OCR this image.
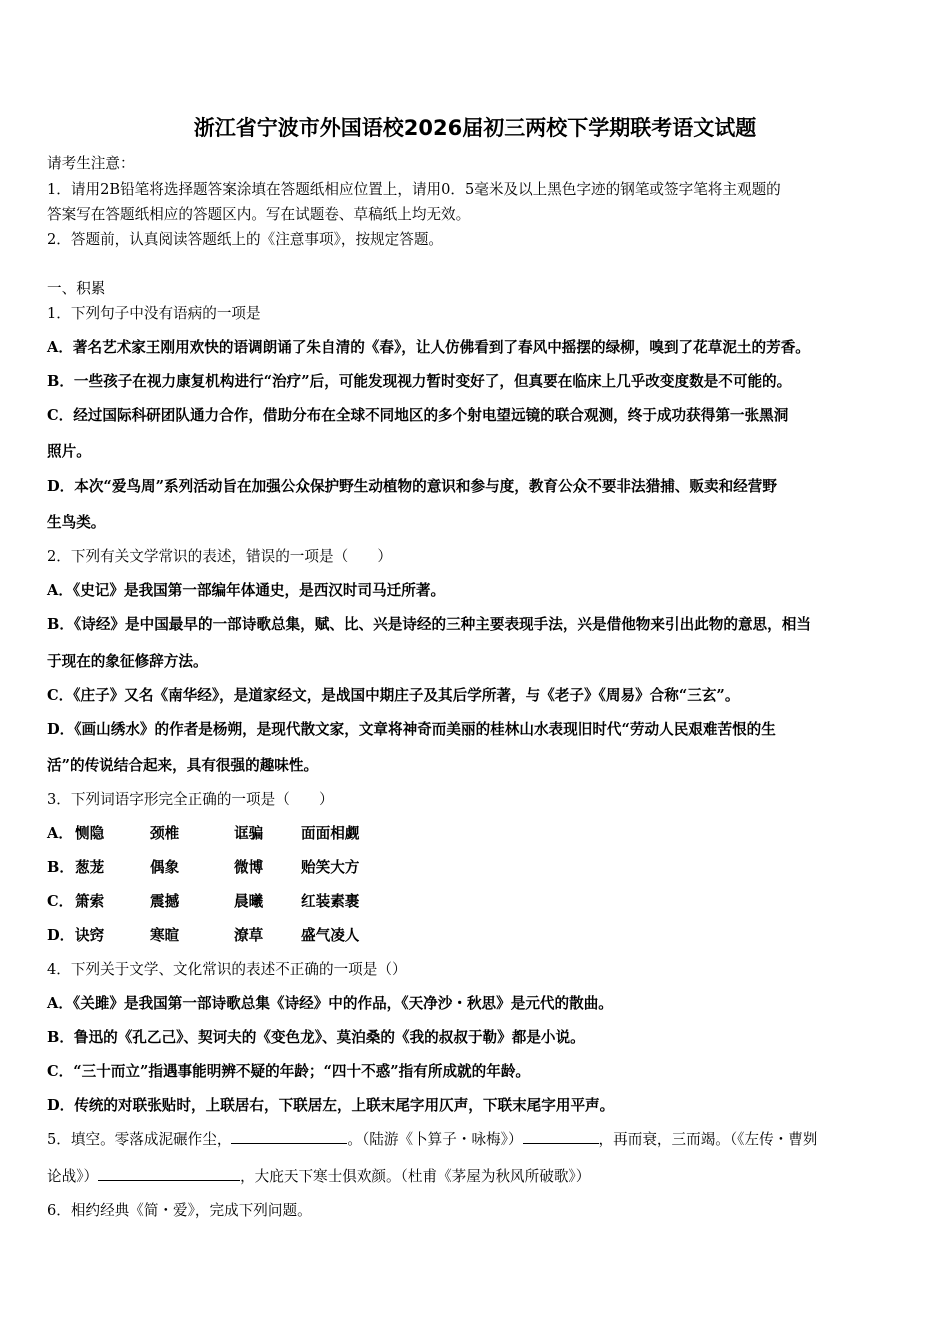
浙江省宁波市外国语校2026届初三两校下学期联考语文试题
请考生注意：
1．请用2B铅笔将选择题答案涂填在答题纸相应位置上，请用0．5毫米及以上黑色字迹的钢笔或签字笔将主观题的
答案写在答题纸相应的答题区内。写在试题卷、草稿纸上均无效。
2．答题前，认真阅读答题纸上的《注意事项》，按规定答题。
一、积累
1．下列句子中没有语病的一项是
A．著名艺术家王刚用欢快的语调朗诵了朱自清的《春》，让人仿佛看到了春风中摇摆的绿柳，嗅到了花草泥土的芳香。
B．一些孩子在视力康复机构进行“治疗”后，可能发现视力暂时变好了，但真要在临床上几乎改变度数是不可能的。
C．经过国际科研团队通力合作，借助分布在全球不同地区的多个射电望远镜的联合观测，终于成功获得第一张黑洞
照片。
D．本次“爱鸟周”系列活动旨在加强公众保护野生动植物的意识和参与度，教育公众不要非法猎捕、贩卖和经营野
生鸟类。
2．下列有关文学常识的表述，错误的一项是（　　）
A．《史记》是我国第一部编年体通史，是西汉时司马迁所著。
B．《诗经》是中国最早的一部诗歌总集，赋、比、兴是诗经的三种主要表现手法，兴是借他物来引出此物的意思，相当
于现在的象征修辞方法。
C．《庄子》又名《南华经》，是道家经文，是战国中期庄子及其后学所著，与《老子》《周易》合称“三玄”。
D．《画山绣水》的作者是杨朔，是现代散文家，文章将神奇而美丽的桂林山水表现旧时代“劳动人民艰难苦恨的生
活”的传说结合起来，具有很强的趣味性。
3．下列词语字形完全正确的一项是（　　）
A． 恻隐	颈椎	诓骗	面面相觑
B． 葱茏	偶象	微博	贻笑大方
C． 箫索	震撼	晨曦	红装素裹
D． 诀窍	寒暄	潦草	盛气凌人
4．下列关于文学、文化常识的表述不正确的一项是（）
A．《关雎》是我国第一部诗歌总集《诗经》中的作品，《天净沙・秋思》是元代的散曲。
B．鲁迅的《孔乙己》、契诃夫的《变色龙》、莫泊桑的《我的叔叔于勒》都是小说。
C．“三十而立”指遇事能明辨不疑的年龄；“四十不惑”指有所成就的年龄。
D．传统的对联张贴时，上联居右，下联居左，上联末尾字用仄声，下联末尾字用平声。
5．填空。零落成泥碾作尘，	。（陆游《卜算子・咏梅》）	，再而衰，三而竭。（《左传・曹刿
论战》）	，大庇天下寒士俱欢颜。（杜甫《茅屋为秋风所破歌》）
6．相约经典《简・爱》，完成下列问题。
